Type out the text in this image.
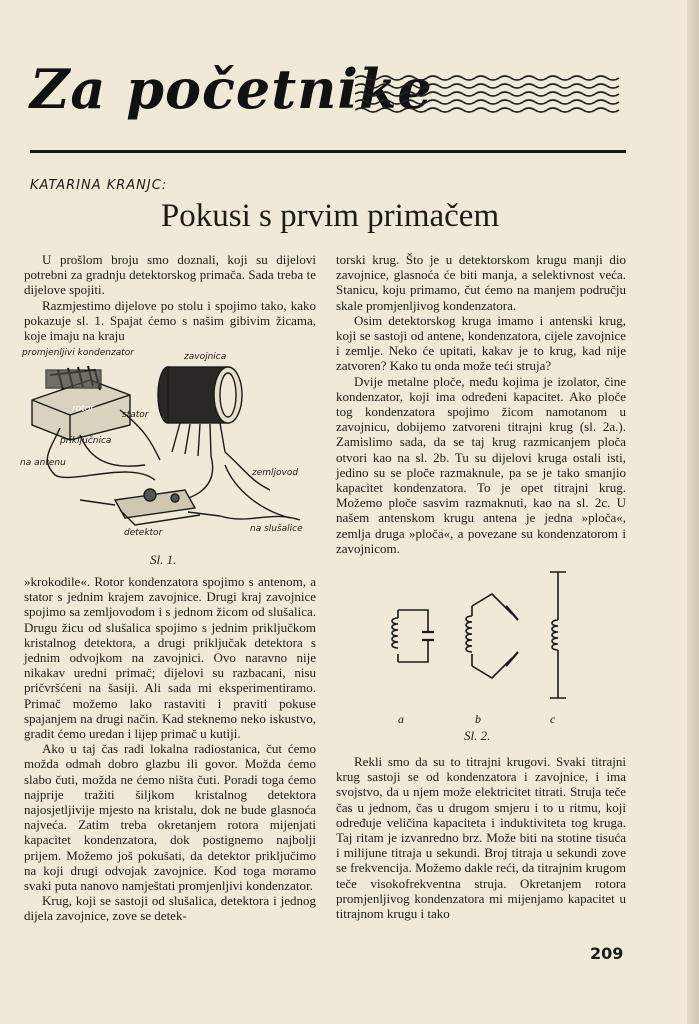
Za početnike
KATARINA KRANJC:
Pokusi s prvim primačem

U prošlom broju smo doznali, koji su dijelovi potrebni za gradnju detektorskog primača. Sada treba te dijelove spojiti.

Razmjestimo dijelove po stolu i spojimo tako, kako pokazuje sl. 1. Spajat ćemo s našim gibivim žicama, koje imaju na kraju

promjenljivi kondenzator	zavojnica
rotor
stator
priključnica
na antenu
zemljovod
detektor	na slušalice
Sl. 1.

»krokodile«. Rotor kondenzatora spojimo s antenom, a stator s jednim krajem zavojnice. Drugi kraj zavojnice spojimo sa zemljovodom i s jednom žicom od slušalica. Drugu žicu od slušalica spojimo s jednim priključkom kristalnog detektora, a drugi priključak detektora s jednim odvojkom na zavojnici. Ovo naravno nije nikakav uredni primač; dijelovi su razbacani, nisu pričvršćeni na šasiji. Ali sada mi eksperimentiramo. Primač možemo lako rastaviti i praviti pokuse spajanjem na drugi način. Kad steknemo neko iskustvo, gradit ćemo uredan i lijep primač u kutiji.

Ako u taj čas radi lokalna radiostanica, čut ćemo možda odmah dobro glazbu ili govor. Možda ćemo slabo čuti, možda ne ćemo ništa čuti. Poradi toga ćemo najprije tražiti šiljkom kristalnog detektora najosjetljivije mjesto na kristalu, dok ne bude glasnoća najveća. Zatim treba okretanjem rotora mijenjati kapacitet kondenzatora, dok postignemo najbolji prijem. Možemo još pokušati, da detektor priključimo na koji drugi odvojak zavojnice. Kod toga moramo svaki puta nanovo namještati promjenljivi kondenzator.

Krug, koji se sastoji od slušalica, detektora i jednog dijela zavojnice, zove se detek-

torski krug. Što je u detektorskom krugu manji dio zavojnice, glasnoća će biti manja, a selektivnost veća. Stanicu, koju primamo, čut ćemo na manjem području skale promjenljivog kondenzatora.

Osim detektorskog kruga imamo i antenski krug, koji se sastoji od antene, kondenzatora, cijele zavojnice i zemlje. Neko će upitati, kakav je to krug, kad nije zatvoren? Kako tu onda može teći struja?

Dvije metalne ploče, među kojima je izolator, čine kondenzator, koji ima određeni kapacitet. Ako ploče tog kondenzatora spojimo žicom namotanom u zavojnicu, dobijemo zatvoreni titrajni krug (sl. 2a.). Zamislimo sada, da se taj krug razmicanjem ploča otvori kao na sl. 2b. Tu su dijelovi kruga ostali isti, jedino su se ploče razmaknule, pa se je tako smanjio kapacitet kondenzatora. To je opet titrajni krug. Možemo ploče sasvim razmaknuti, kao na sl. 2c. U našem antenskom krugu antena je jedna »ploča«, zemlja druga »ploča«, a povezane su kondenzatorom i zavojnicom.

a	b	c
Sl. 2.

Rekli smo da su to titrajni krugovi. Svaki titrajni krug sastoji se od kondenzatora i zavojnice, i ima svojstvo, da u njem može elektricitet titrati. Struja teče čas u jednom, čas u drugom smjeru i to u ritmu, koji određuje veličina kapaciteta i induktiviteta tog kruga. Taj ritam je izvanredno brz. Može biti na stotine tisuća i milijune titraja u sekundi. Broj titraja u sekundi zove se frekvencija. Možemo dakle reći, da titrajnim krugom teče visokofrekventna struja. Okretanjem rotora promjenljivog kondenzatora mi mijenjamo kapacitet u titrajnom krugu i tako

209
